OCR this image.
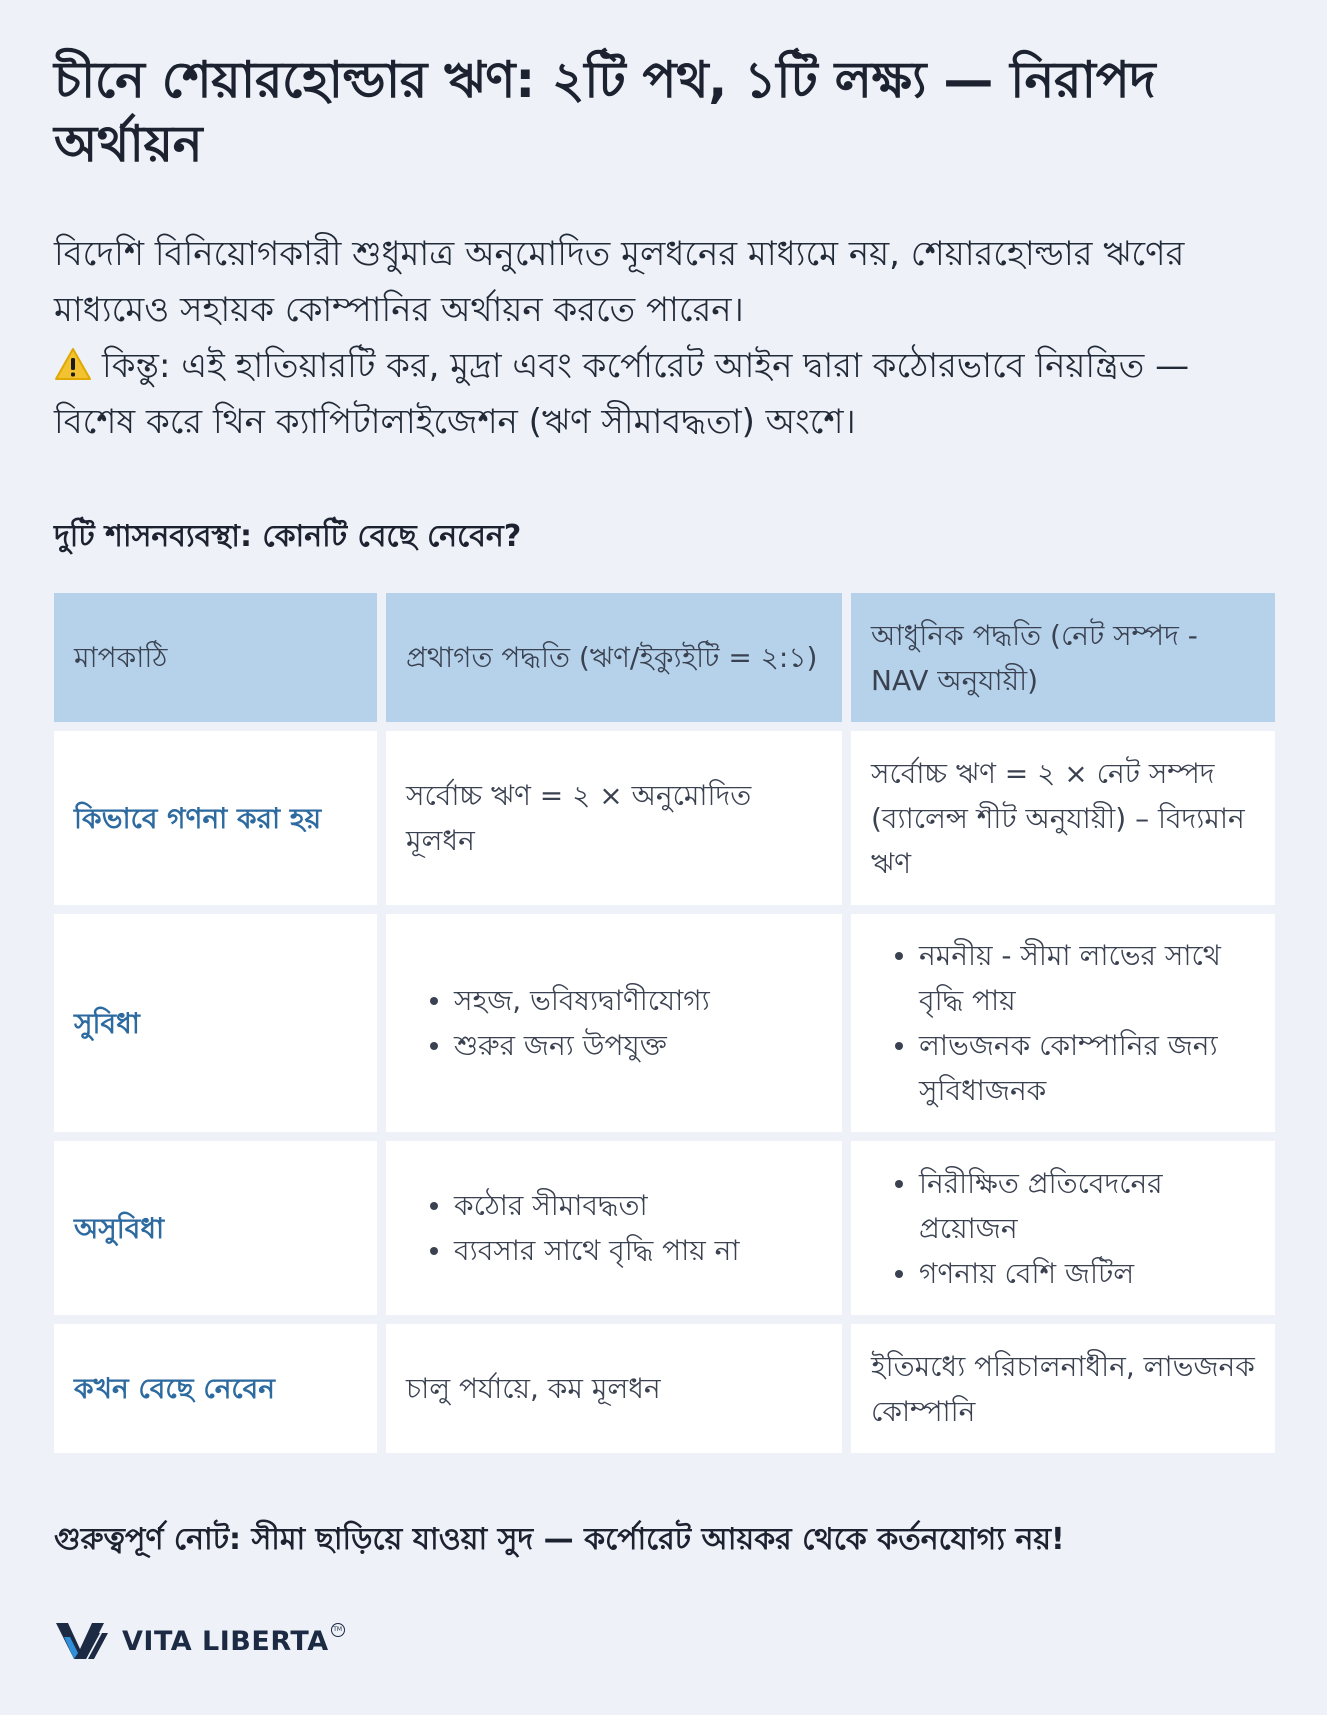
চীনে শেয়ারহোল্ডার ঋণ: ২টি পথ, ১টি লক্ষ্য — নিরাপদ অর্থায়ন

বিদেশি বিনিয়োগকারী শুধুমাত্র অনুমোদিত মূলধনের মাধ্যমে নয়, শেয়ারহোল্ডার ঋণের মাধ্যমেও সহায়ক কোম্পানির অর্থায়ন করতে পারেন।

কিন্তু: এই হাতিয়ারটি কর, মুদ্রা এবং কর্পোরেট আইন দ্বারা কঠোরভাবে নিয়ন্ত্রিত — বিশেষ করে থিন ক্যাপিটালাইজেশন (ঋণ সীমাবদ্ধতা) অংশে।

দুটি শাসনব্যবস্থা: কোনটি বেছে নেবেন?
মাপকাঠি	প্রথাগত পদ্ধতি (ঋণ/ইক্যুইটি = ২:১)
আধুনিক পদ্ধতি (নেট সম্পদ - NAV অনুযায়ী)
কিভাবে গণনা করা হয়
সর্বোচ্চ ঋণ = ২ × অনুমোদিত মূলধন
সর্বোচ্চ ঋণ = ২ × নেট সম্পদ (ব্যালেন্স শীট অনুযায়ী) – বিদ্যমান ঋণ
সুবিধা
সহজ, ভবিষ্যদ্বাণীযোগ্য
শুরুর জন্য উপযুক্ত
নমনীয় - সীমা লাভের সাথে বৃদ্ধি পায়
লাভজনক কোম্পানির জন্য সুবিধাজনক
অসুবিধা
কঠোর সীমাবদ্ধতা
ব্যবসার সাথে বৃদ্ধি পায় না
নিরীক্ষিত প্রতিবেদনের প্রয়োজন
গণনায় বেশি জটিল
কখন বেছে নেবেন	চালু পর্যায়ে, কম মূলধন
ইতিমধ্যে পরিচালনাধীন, লাভজনক কোম্পানি
গুরুত্বপূর্ণ নোট: সীমা ছাড়িয়ে যাওয়া সুদ — কর্পোরেট আয়কর থেকে কর্তনযোগ্য নয়!
VITA LIBERTA TM
